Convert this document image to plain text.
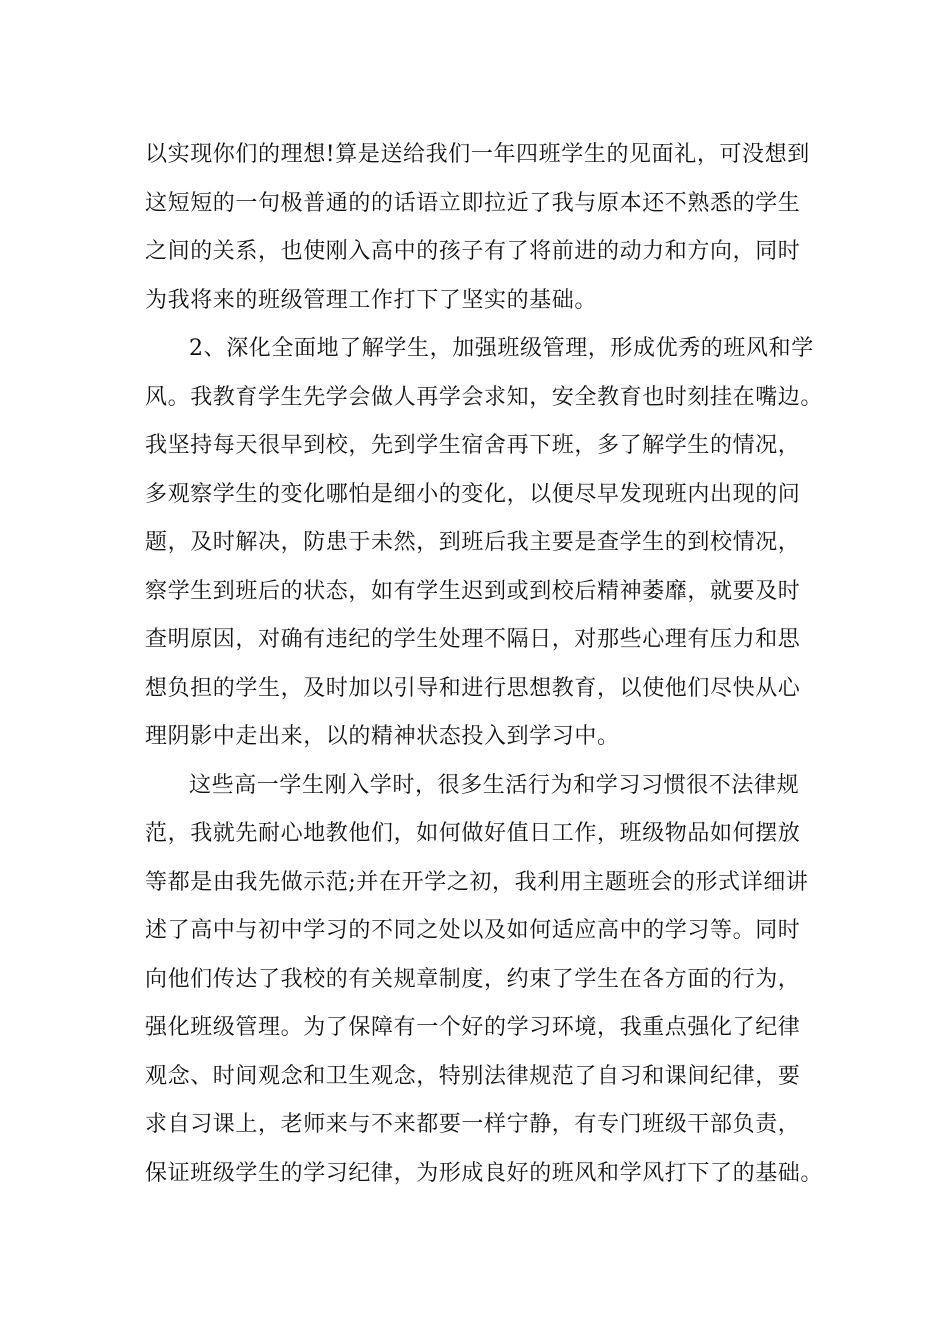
以实现你们的理想!算是送给我们一年四班学生的见面礼，可没想到
这短短的一句极普通的的话语立即拉近了我与原本还不熟悉的学生
之间的关系，也使刚入高中的孩子有了将前进的动力和方向，同时
为我将来的班级管理工作打下了坚实的基础。
2、深化全面地了解学生，加强班级管理，形成优秀的班风和学
风。我教育学生先学会做人再学会求知，安全教育也时刻挂在嘴边。
我坚持每天很早到校，先到学生宿舍再下班，多了解学生的情况，
多观察学生的变化哪怕是细小的变化，以便尽早发现班内出现的问
题，及时解决，防患于未然，到班后我主要是查学生的到校情况，
察学生到班后的状态，如有学生迟到或到校后精神萎靡，就要及时
查明原因，对确有违纪的学生处理不隔日，对那些心理有压力和思
想负担的学生，及时加以引导和进行思想教育，以使他们尽快从心
理阴影中走出来，以的精神状态投入到学习中。
这些高一学生刚入学时，很多生活行为和学习习惯很不法律规
范，我就先耐心地教他们，如何做好值日工作，班级物品如何摆放
等都是由我先做示范;并在开学之初，我利用主题班会的形式详细讲
述了高中与初中学习的不同之处以及如何适应高中的学习等。同时
向他们传达了我校的有关规章制度，约束了学生在各方面的行为，
强化班级管理。为了保障有一个好的学习环境，我重点强化了纪律
观念、时间观念和卫生观念，特别法律规范了自习和课间纪律，要
求自习课上，老师来与不来都要一样宁静，有专门班级干部负责，
保证班级学生的学习纪律，为形成良好的班风和学风打下了的基础。
